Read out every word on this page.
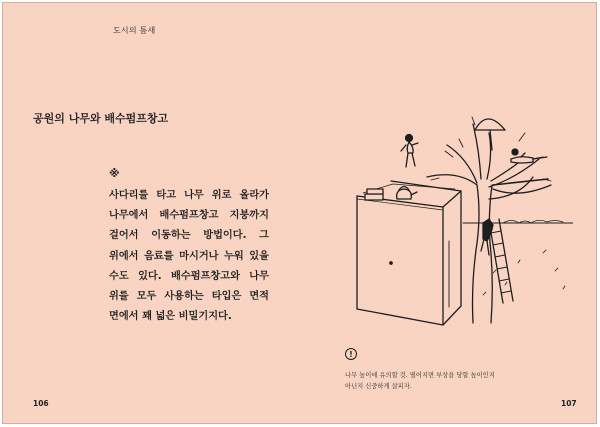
도시의 틈새
공원의 나무와 배수펌프창고
※
사다리를 타고 나무 위로 올라가 나무에서 배수펌프창고 지붕까지 걸어서 이동하는 방법이다. 그 위에서 음료를 마시거나 누워 있을 수도 있다. 배수펌프창고와 나무 위를 모두 사용하는 타입은 면적 면에서 꽤 넓은 비밀기지다.
!
나무 높이에 유의할 것. 떨어지면 부상을 당할 높이인지
아닌지 신중하게 살피자.
106	107
